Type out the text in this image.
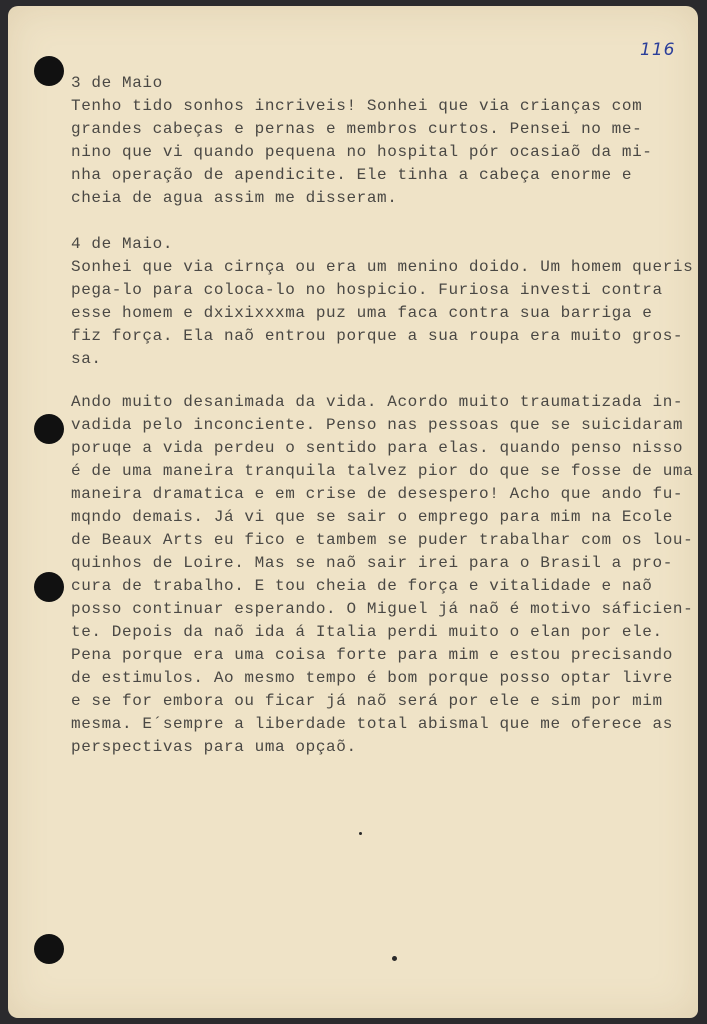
116
3 de Maio
Tenho tido sonhos incriveis! Sonhei que via crianças com
grandes cabeças e pernas e membros curtos. Pensei no me-
nino que vi quando pequena no hospital pór ocasiaõ da mi-
nha operação de apendicite. Ele tinha a cabeça enorme e
cheia de agua assim me disseram.
4 de Maio.
Sonhei que via cirnça ou era um menino doido. Um homem queris
pega-lo para coloca-lo no hospicio. Furiosa investi contra
esse homem e dxixixxxma puz uma faca contra sua barriga e
fiz força. Ela naõ entrou porque a sua roupa era muito gros-
sa.
Ando muito desanimada da vida. Acordo muito traumatizada in-
vadida pelo inconciente. Penso nas pessoas que se suicidaram
poruqe a vida perdeu o sentido para elas. quando penso nisso
é de uma maneira tranquila talvez pior do que se fosse de uma
maneira dramatica e em crise de desespero! Acho que ando fu-
mqndo demais. Já vi que se sair o emprego para mim na Ecole
de Beaux Arts eu fico e tambem se puder trabalhar com os lou-
quinhos de Loire. Mas se naõ sair irei para o Brasil a pro-
cura de trabalho. E tou cheia de força e vitalidade e naõ
posso continuar esperando. O Miguel já naõ é motivo sáficien-
te. Depois da naõ ida á Italia perdi muito o elan por ele.
Pena porque era uma coisa forte para mim e estou precisando
de estimulos. Ao mesmo tempo é bom porque posso optar livre
e se for embora ou ficar já naõ será por ele e sim por mim
mesma. E´sempre a liberdade total abismal que me oferece as
perspectivas para uma opçaõ.
